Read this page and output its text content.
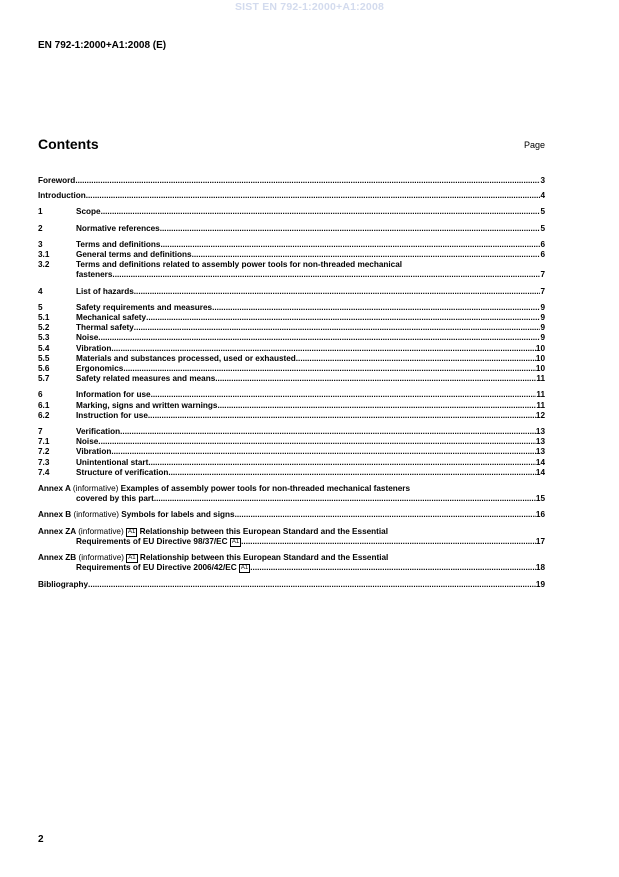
SIST EN 792-1:2000+A1:2008
EN 792-1:2000+A1:2008 (E)
Contents	Page
Foreword .....	3
Introduction .....	4
1	Scope .....	5
2	Normative references .....	5
3	Terms and definitions .....	6
3.1	General terms and definitions .....	6
3.2	Terms and definitions related to assembly power tools for non-threaded mechanical
fasteners .....	7
4	List of hazards .....	7
5	Safety requirements and measures .....	9
5.1	Mechanical safety .....	9
5.2	Thermal safety .....	9
5.3	Noise .....	9
5.4	Vibration .....	10
5.5	Materials and substances processed, used or exhausted .....	10
5.6	Ergonomics .....	10
5.7	Safety related measures and means .....	11
6	Information for use .....	11
6.1	Marking, signs and written warnings .....	11
6.2	Instruction for use .....	12
7	Verification .....	13
7.1	Noise .....	13
7.2	Vibration .....	13
7.3	Unintentional start .....	14
7.4	Structure of verification .....	14
Annex A (informative) Examples of assembly power tools for non-threaded mechanical fasteners
covered by this part .....	15
Annex B (informative) Symbols for labels and signs .....	16
Annex ZA (informative) A1 Relationship between this European Standard and the Essential
Requirements of EU Directive 98/37/EC A1 .....	17
Annex ZB (informative) A1 Relationship between this European Standard and the Essential
Requirements of EU Directive 2006/42/EC A1 .....	18
Bibliography .....	19
2
